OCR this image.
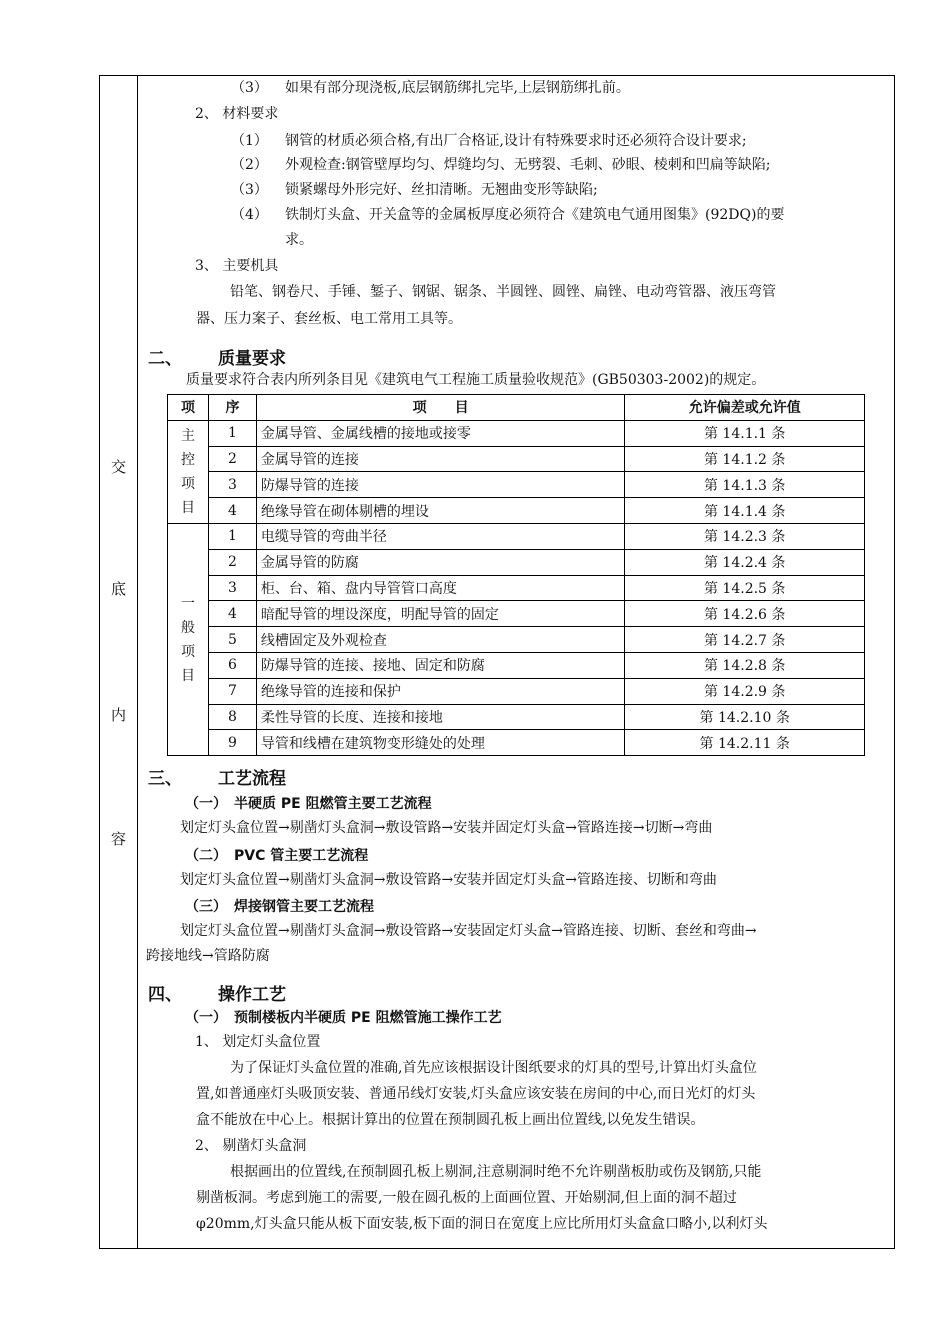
交
底
内
容
（3） 如果有部分现浇板,底层钢筋绑扎完毕,上层钢筋绑扎前。
2、 材料要求
（1） 钢管的材质必须合格,有出厂合格证,设计有特殊要求时还必须符合设计要求;
（2） 外观检查:钢管壁厚均匀、焊缝均匀、无劈裂、毛刺、砂眼、棱刺和凹扁等缺陷;
（3） 锁紧螺母外形完好、丝扣清晰。无翘曲变形等缺陷;
（4） 铁制灯头盒、开关盒等的金属板厚度必须符合《建筑电气通用图集》(92DQ)的要
求。
3、 主要机具
铅笔、钢卷尺、手锤、錾子、钢锯、锯条、半圆锉、圆锉、扁锉、电动弯管器、液压弯管
器、压力案子、套丝板、电工常用工具等。
二、 质量要求
质量要求符合表内所列条目见《建筑电气工程施工质量验收规范》(GB50303-2002)的规定。
项	序	项　　目	允许偏差或允许值
主控项目	1	金属导管、金属线槽的接地或接零	第 14.1.1 条
	2	金属导管的连接	第 14.1.2 条
	3	防爆导管的连接	第 14.1.3 条
	4	绝缘导管在砌体剔槽的埋设	第 14.1.4 条
一般项目	1	电缆导管的弯曲半径	第 14.2.3 条
	2	金属导管的防腐	第 14.2.4 条
	3	柜、台、箱、盘内导管管口高度	第 14.2.5 条
	4	暗配导管的埋设深度，明配导管的固定	第 14.2.6 条
	5	线槽固定及外观检查	第 14.2.7 条
	6	防爆导管的连接、接地、固定和防腐	第 14.2.8 条
	7	绝缘导管的连接和保护	第 14.2.9 条
	8	柔性导管的长度、连接和接地	第 14.2.10 条
	9	导管和线槽在建筑物变形缝处的处理	第 14.2.11 条
三、 工艺流程
（一）　半硬质 PE 阻燃管主要工艺流程
划定灯头盒位置→剔凿灯头盒洞→敷设管路→安装并固定灯头盒→管路连接→切断→弯曲
（二）　PVC 管主要工艺流程
划定灯头盒位置→剔凿灯头盒洞→敷设管路→安装并固定灯头盒→管路连接、切断和弯曲
（三）　焊接钢管主要工艺流程
划定灯头盒位置→剔凿灯头盒洞→敷设管路→安装固定灯头盒→管路连接、切断、套丝和弯曲→
跨接地线→管路防腐
四、 操作工艺
（一）　预制楼板内半硬质 PE 阻燃管施工操作工艺
1、 划定灯头盒位置
为了保证灯头盒位置的准确,首先应该根据设计图纸要求的灯具的型号,计算出灯头盒位
置,如普通座灯头吸顶安装、普通吊线灯安装,灯头盒应该安装在房间的中心,而日光灯的灯头
盒不能放在中心上。根据计算出的位置在预制圆孔板上画出位置线,以免发生错误。
2、 剔凿灯头盒洞
根据画出的位置线,在预制圆孔板上剔洞,注意剔洞时绝不允许剔凿板肋或伤及钢筋,只能
剔凿板洞。考虑到施工的需要,一般在圆孔板的上面画位置、开始剔洞,但上面的洞不超过
φ20mm,灯头盒只能从板下面安装,板下面的洞日在宽度上应比所用灯头盒盒口略小,以利灯头
